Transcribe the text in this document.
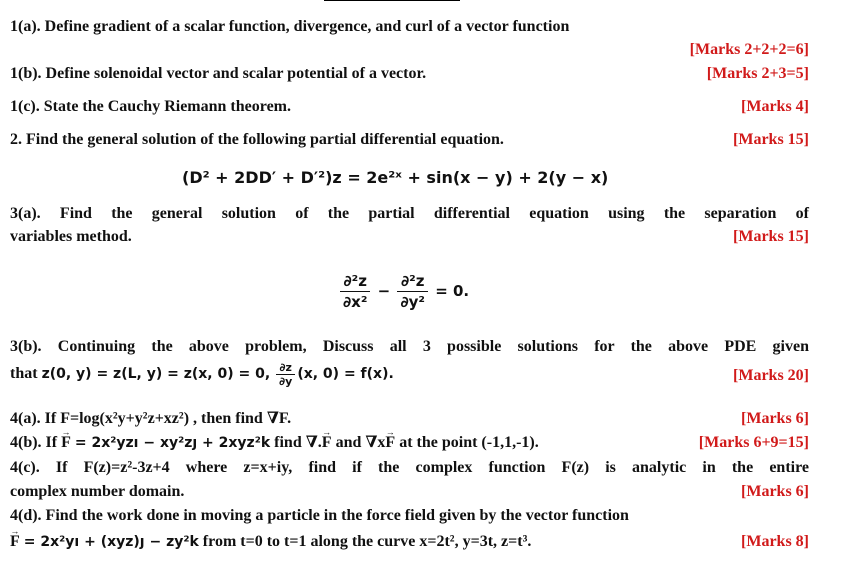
1(a). Define gradient of a scalar function, divergence, and curl of a vector function
[Marks 2+2+2=6]
1(b). Define solenoidal vector and scalar potential of a vector.	[Marks 2+3=5]
1(c). State the Cauchy Riemann theorem.	[Marks 4]
2. Find the general solution of the following partial differential equation.	[Marks 15]
(D² + 2DD′ + D′²)z = 2e²ˣ + sin(x − y) + 2(y − x)
3(a). Find the general solution of the partial differential equation using the separation of
variables method.	[Marks 15]
$\frac{\text{∂²z}}{\text{∂x²}} - \frac{\text{∂²z}}{\text{∂y²}} = 0$.
3(b). Continuing the above problem, Discuss all 3 possible solutions for the above PDE given
that z(0, y) = z(L, y) = z(x, 0) = 0, $\frac{\partial z}{\partial y} (x$, 0) = f(x).	[Marks 20]
4(a). If F=log(x²y+y²z+xz²) , then find ∇F.	[Marks 6]
4(b). If F → = 2x²yzı − xy²zȷ + 2xyz²k find ∇.F → and ∇xF → at the point (-1,1,-1).	[Marks 6+9=15]
4(c). If F(z)=z²-3z+4 where z=x+iy, find if the complex function F(z) is analytic in the entire
complex number domain.	[Marks 6]
4(d). Find the work done in moving a particle in the force field given by the vector function
F → = 2x²yı + (xyz)ȷ − zy²k from t=0 to t=1 along the curve x=2t², y=3t, z=t³.	[Marks 8]
